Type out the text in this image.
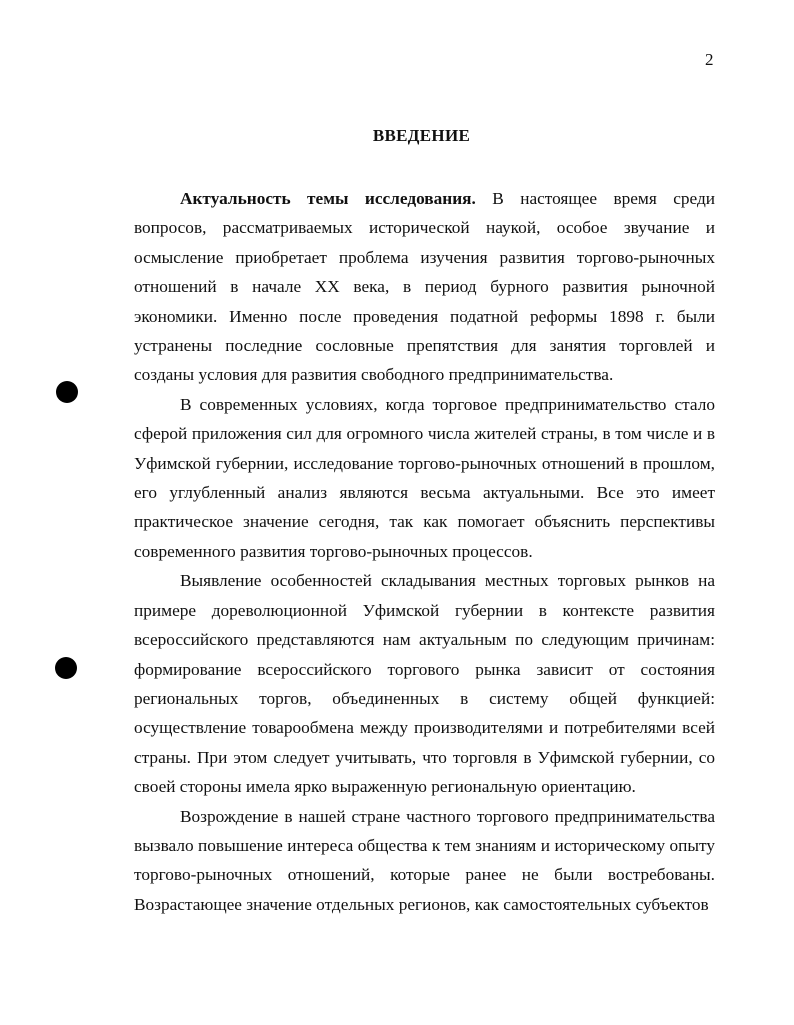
2
ВВЕДЕНИЕ

Актуальность темы исследования. В настоящее время среди вопросов, рассматриваемых исторической наукой, особое звучание и осмысление приобретает проблема изучения развития торгово-рыночных отношений в начале XX века, в период бурного развития рыночной экономики. Именно после проведения податной реформы 1898 г. были устранены последние сословные препятствия для занятия торговлей и созданы условия для развития свободного предпринимательства.

В современных условиях, когда торговое предпринимательство стало сферой приложения сил для огромного числа жителей страны, в том числе и в Уфимской губернии, исследование торгово-рыночных отношений в прошлом, его углубленный анализ являются весьма актуальными. Все это имеет практическое значение сегодня, так как помогает объяснить перспективы современного развития торгово-рыночных процессов.

Выявление особенностей складывания местных торговых рынков на примере дореволюционной Уфимской губернии в контексте развития всероссийского представляются нам актуальным по следующим причинам: формирование всероссийского торгового рынка зависит от состояния региональных торгов, объединенных в систему общей функцией: осуществление товарообмена между производителями и потребителями всей страны. При этом следует учитывать, что торговля в Уфимской губернии, со своей стороны имела ярко выраженную региональную ориентацию.

Возрождение в нашей стране частного торгового предпринимательства вызвало повышение интереса общества к тем знаниям и историческому опыту торгово-рыночных отношений, которые ранее не были востребованы. Возрастающее значение отдельных регионов, как самостоятельных субъектов
